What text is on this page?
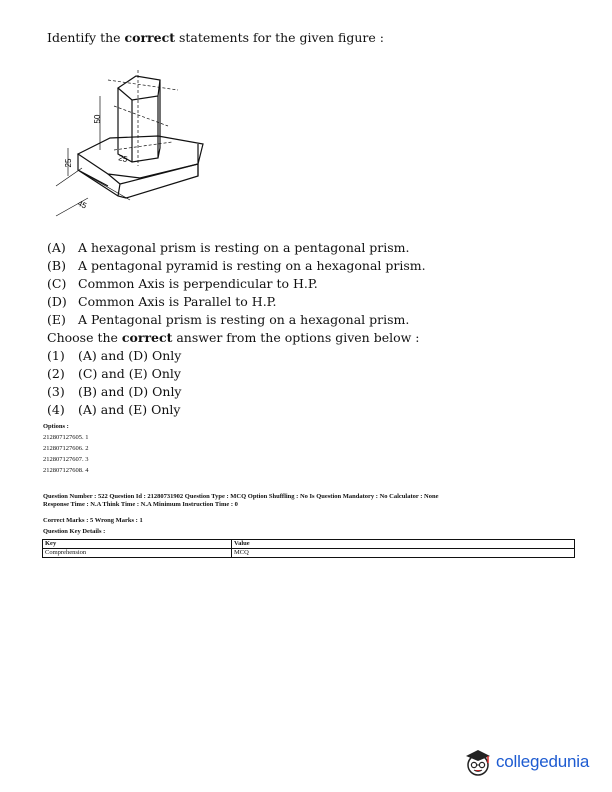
Identify the correct statements for the given figure :
50
25
25
45
(A) A hexagonal prism is resting on a pentagonal prism.
(B) A pentagonal pyramid is resting on a hexagonal prism.
(C) Common Axis is perpendicular to H.P.
(D) Common Axis is Parallel to H.P.
(E) A Pentagonal prism is resting on a hexagonal prism.
Choose the correct answer from the options given below :
(1)	(A) and (D) Only
(2)	(C) and (E) Only
(3)	(B) and (D) Only
(4)	(A) and (E) Only
Options :
212807127605. 1
212807127606. 2
212807127607. 3
212807127608. 4
Question Number : 522 Question Id : 21280731902 Question Type : MCQ Option Shuffling : No Is Question Mandatory : No Calculator : None
Response Time : N.A Think Time : N.A Minimum Instruction Time : 0
Correct Marks : 5 Wrong Marks : 1
Question Key Details :
Key	Value
Comprehension	MCQ
collegedunia
